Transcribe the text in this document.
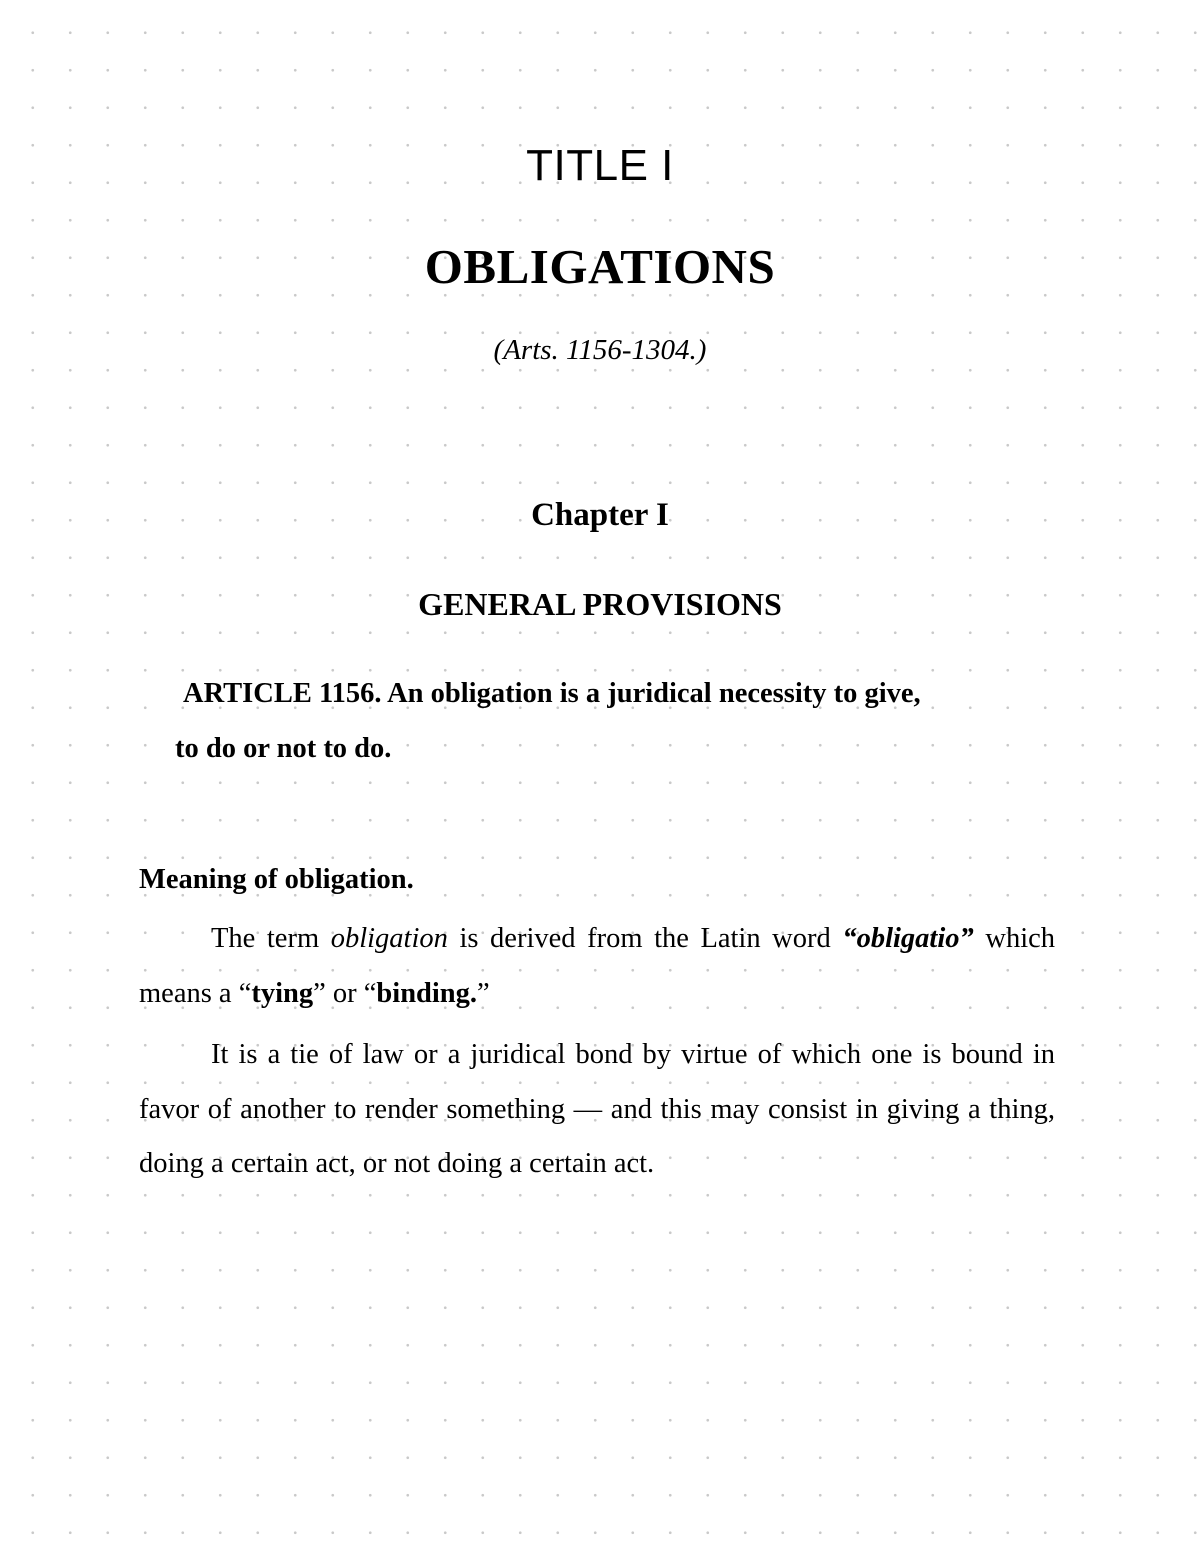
TITLE I
OBLIGATIONS
(Arts. 1156-1304.)
Chapter I
GENERAL PROVISIONS
ARTICLE 1156. An obligation is a juridical necessity to give,
to do or not to do.
Meaning of obligation.

The term obligation is derived from the Latin word “obligatio” which means a “tying” or “binding.”

It is a tie of law or a juridical bond by virtue of which one is bound in favor of another to render something — and this may consist in giving a thing, doing a certain act, or not doing a certain act.
